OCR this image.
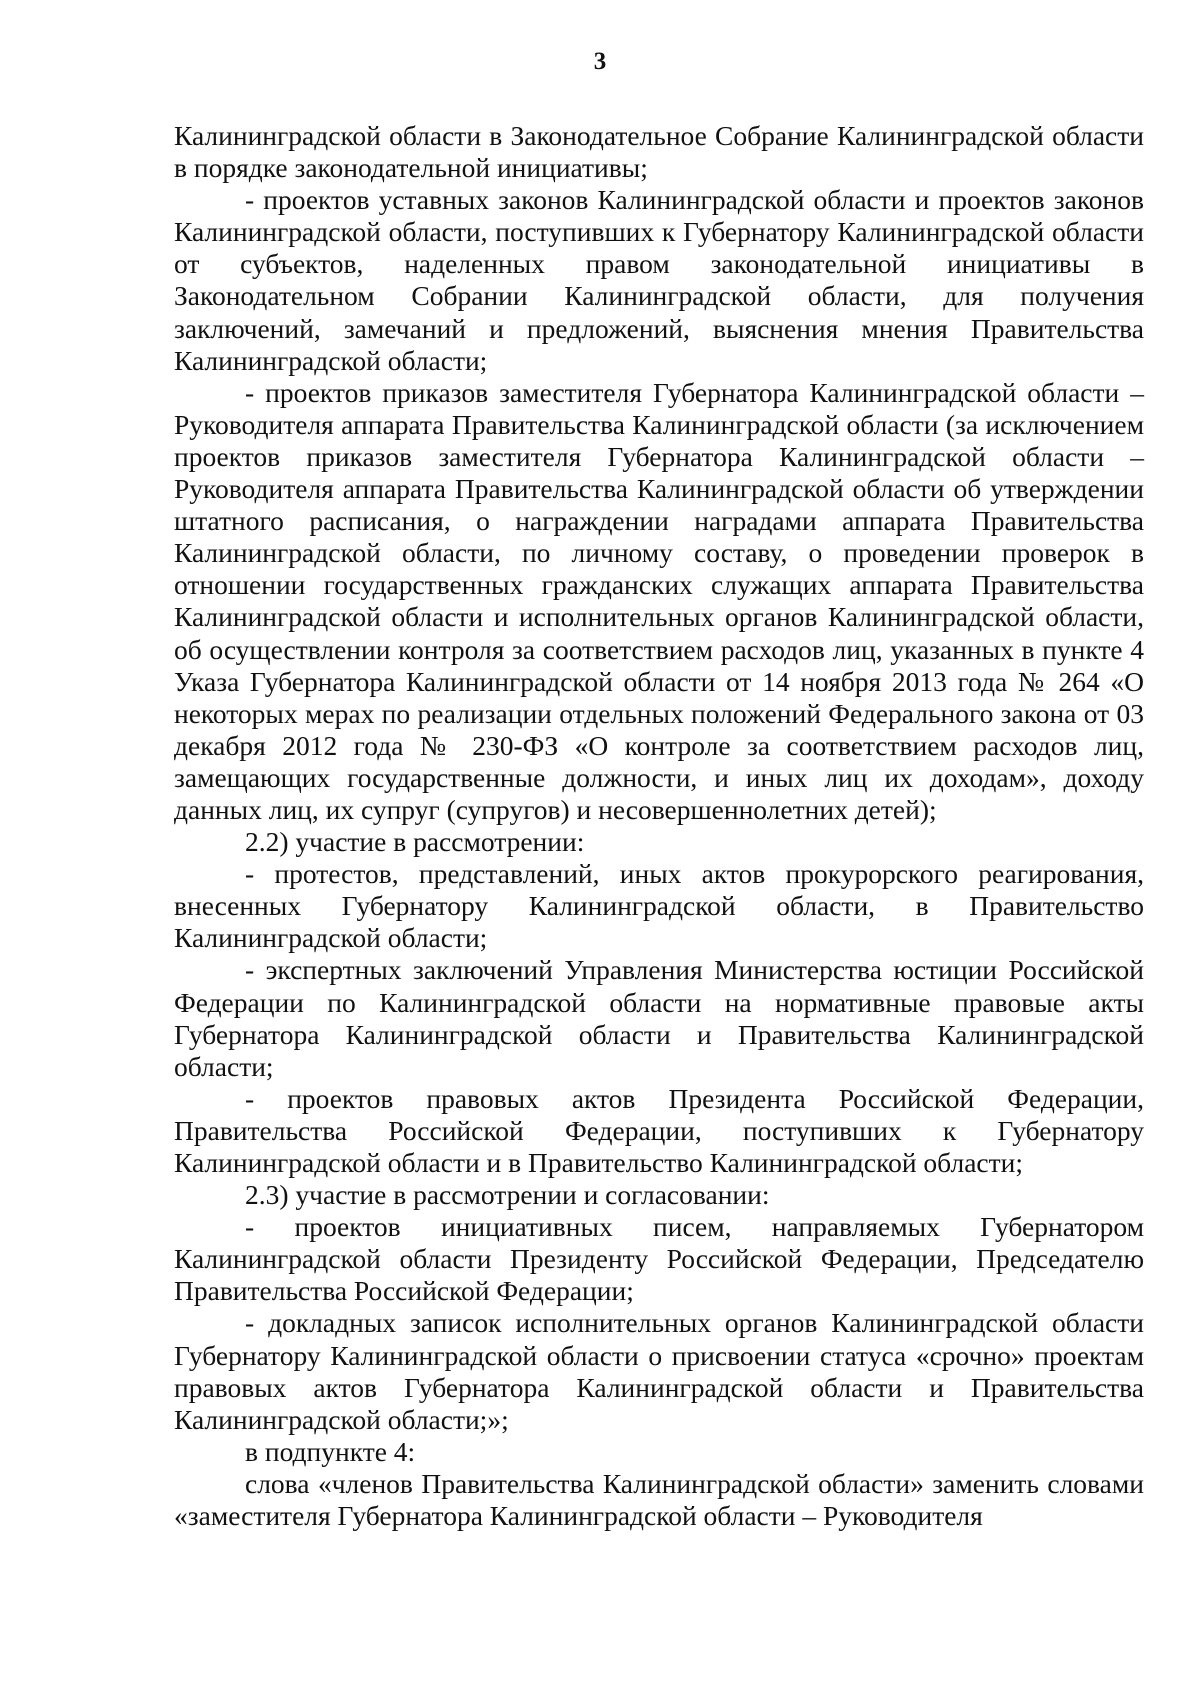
3

Калининградской области в Законодательное Собрание Калининградской области в порядке законодательной инициативы;

- проектов уставных законов Калининградской области и проектов законов Калининградской области, поступивших к Губернатору Калининградской области от субъектов, наделенных правом законодательной инициативы в Законодательном Собрании Калининградской области, для получения заключений, замечаний и предложений, выяснения мнения Правительства Калининградской области;

- проектов приказов заместителя Губернатора Калининградской области – Руководителя аппарата Правительства Калининградской области (за исключением проектов приказов заместителя Губернатора Калининградской области – Руководителя аппарата Правительства Калининградской области об утверждении штатного расписания, о награждении наградами аппарата Правительства Калининградской области, по личному составу, о проведении проверок в отношении государственных гражданских служащих аппарата Правительства Калининградской области и исполнительных органов Калининградской области, об осуществлении контроля за соответствием расходов лиц, указанных в пункте 4 Указа Губернатора Калининградской области от 14 ноября 2013 года № 264 «О некоторых мерах по реализации отдельных положений Федерального закона от 03 декабря 2012 года № 230-ФЗ «О контроле за соответствием расходов лиц, замещающих государственные должности, и иных лиц их доходам», доходу данных лиц, их супруг (супругов) и несовершеннолетних детей);

2.2) участие в рассмотрении:

- протестов, представлений, иных актов прокурорского реагирования, внесенных Губернатору Калининградской области, в Правительство Калининградской области;

- экспертных заключений Управления Министерства юстиции Российской Федерации по Калининградской области на нормативные правовые акты Губернатора Калининградской области и Правительства Калининградской области;

- проектов правовых актов Президента Российской Федерации, Правительства Российской Федерации, поступивших к Губернатору Калининградской области и в Правительство Калининградской области;

2.3) участие в рассмотрении и согласовании:

- проектов инициативных писем, направляемых Губернатором Калининградской области Президенту Российской Федерации, Председателю Правительства Российской Федерации;

- докладных записок исполнительных органов Калининградской области Губернатору Калининградской области о присвоении статуса «срочно» проектам правовых актов Губернатора Калининградской области и Правительства Калининградской области;»;

в подпункте 4:

слова «членов Правительства Калининградской области» заменить словами «заместителя Губернатора Калининградской области – Руководителя
